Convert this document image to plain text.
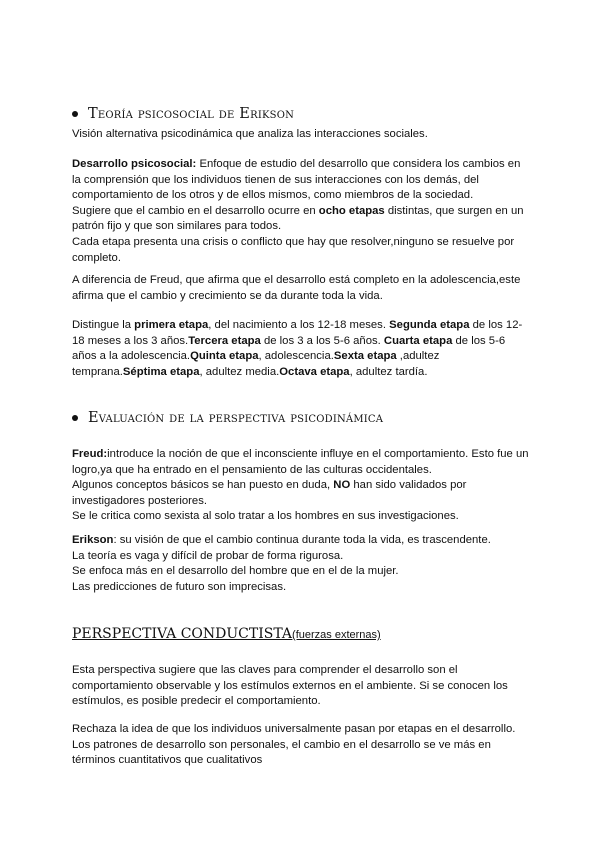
Teoría psicosocial de Erikson
Visión alternativa psicodinámica que analiza las interacciones sociales.
Desarrollo psicosocial: Enfoque de estudio del desarrollo que considera los cambios en la comprensión que los individuos tienen de sus interacciones con los demás, del comportamiento de los otros y de ellos mismos, como miembros de la sociedad.
Sugiere que el cambio en el desarrollo ocurre en ocho etapas distintas, que surgen en un patrón fijo y que son similares para todos.
Cada etapa presenta una crisis o conflicto que hay que resolver,ninguno se resuelve por completo.
A diferencia de Freud, que afirma que el desarrollo está completo en la adolescencia,este afirma que el cambio y crecimiento se da durante toda la vida.
Distingue la primera etapa, del nacimiento a los 12-18 meses. Segunda etapa de los 12-18 meses a los 3 años.Tercera etapa de los 3 a los 5-6 años. Cuarta etapa de los 5-6 años a la adolescencia.Quinta etapa, adolescencia.Sexta etapa ,adultez temprana.Séptima etapa, adultez media.Octava etapa, adultez tardía.
Evaluación de la perspectiva psicodinámica
Freud:introduce la noción de que el inconsciente influye en el comportamiento. Esto fue un logro,ya que ha entrado en el pensamiento de las culturas occidentales.
Algunos conceptos básicos se han puesto en duda, NO han sido validados por investigadores posteriores.
Se le critica como sexista al solo tratar a los hombres en sus investigaciones.
Erikson: su visión de que el cambio continua durante toda la vida, es trascendente.
La teoría es vaga y difícil de probar de forma rigurosa.
Se enfoca más en el desarrollo del hombre que en el de la mujer.
Las predicciones de futuro son imprecisas.
PERSPECTIVA CONDUCTISTA(fuerzas externas)
Esta perspectiva sugiere que las claves para comprender el desarrollo son el comportamiento observable y los estímulos externos en el ambiente. Si se conocen los estímulos, es posible predecir el comportamiento.
Rechaza la idea de que los individuos universalmente pasan por etapas en el desarrollo. Los patrones de desarrollo son personales, el cambio en el desarrollo se ve más en términos cuantitativos que cualitativos
